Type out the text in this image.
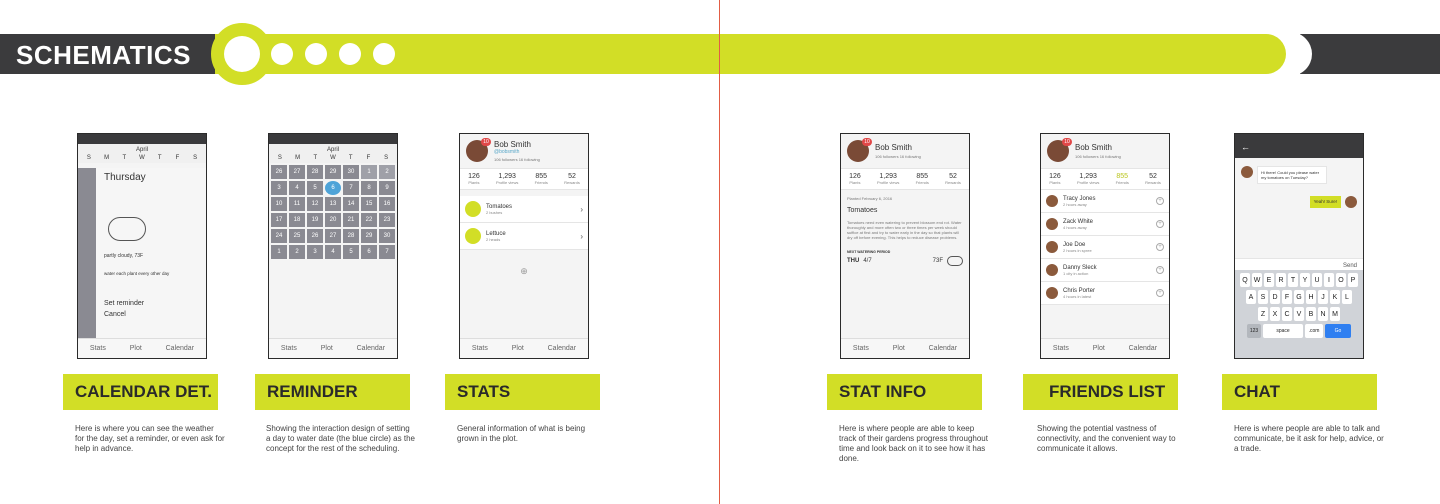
SCHEMATICS
April
S	M	T	W	T	F	S
Thursday
partly cloudy, 73F
water each plant every other day
Set reminder
Cancel
Stats	Plot	Calendar
April
S	M	T	W	T	F	S
26	27	28	29	30	1	2
3	4	5	6	7	8	9
10	11	12	13	14	15	16
17	18	19	20	21	22	23
24	25	26	27	28	29	30
1	2	3	4	5	6	7
Stats	Plot	Calendar
10 Bob Smith
@bobsmith
106 followers 16 following
126
Plants
1,293
Profile views
855
Friends
52
Rewards
Tomatoes
2 bushes	›
Lettuce
2 heads	›
⊕
Stats	Plot	Calendar
10
Bob Smith
106 followers 16 following
126
Plants
1,293
Profile views
855
Friends
52
Rewards
Planted February 6, 2016
Tomatoes
Tomatoes need even watering to prevent blossom end rot. Water thoroughly and more often two or three times per week should suffice at first and try to water early in the day so that plants will dry off before evening. This helps to reduce disease problems.
NEXT WATERING PERIOD
THU 4/7	73F
Stats	Plot	Calendar
10
Bob Smith
106 followers 16 following
126
Plants
1,293
Profile views
855
Friends
52
Rewards
Tracy Jones
2 hours away	+
Zack White
4 hours away	+
Joe Doe
2 hours in spree	+
Danny Sleck
1 city in action	+
Chris Porter
4 hours in latest	+
Stats	Plot	Calendar
←
Hi there! Could you please water my tomatoes on Tuesday?
Yeah! Sure!
Send
Q W E	R	T	Y	U	I	O P
A	S	D	F	G H	J	K	L
Z	X	C	V	B	N M
123	space	.com	Go
CALENDAR DET.	REMINDER	STATS	STAT INFO	FRIENDS LIST	CHAT
Here is where you can see the weather for the day, set a reminder, or even ask for help in advance.
Showing the interaction design of setting a day to water date (the blue circle) as the concept for the rest of the scheduling.
General information of what is being grown in the plot.
Here is where people are able to keep track of their gardens progress throughout time and look back on it to see how it has done.
Showing the potential vastness of connectivity, and the convenient way to communicate it allows.
Here is where people are able to talk and communicate, be it ask for help, advice, or a trade.
